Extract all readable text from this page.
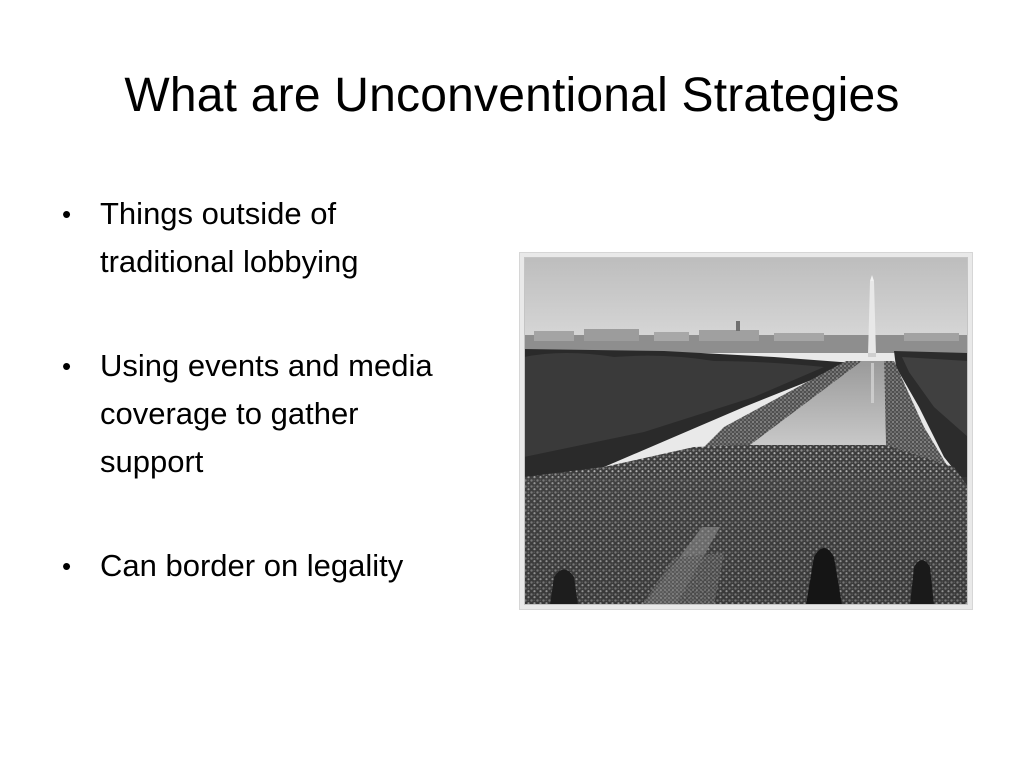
What are Unconventional Strategies
• Things outside of
traditional lobbying
• Using events and media
coverage to gather
support
• Can border on legality
